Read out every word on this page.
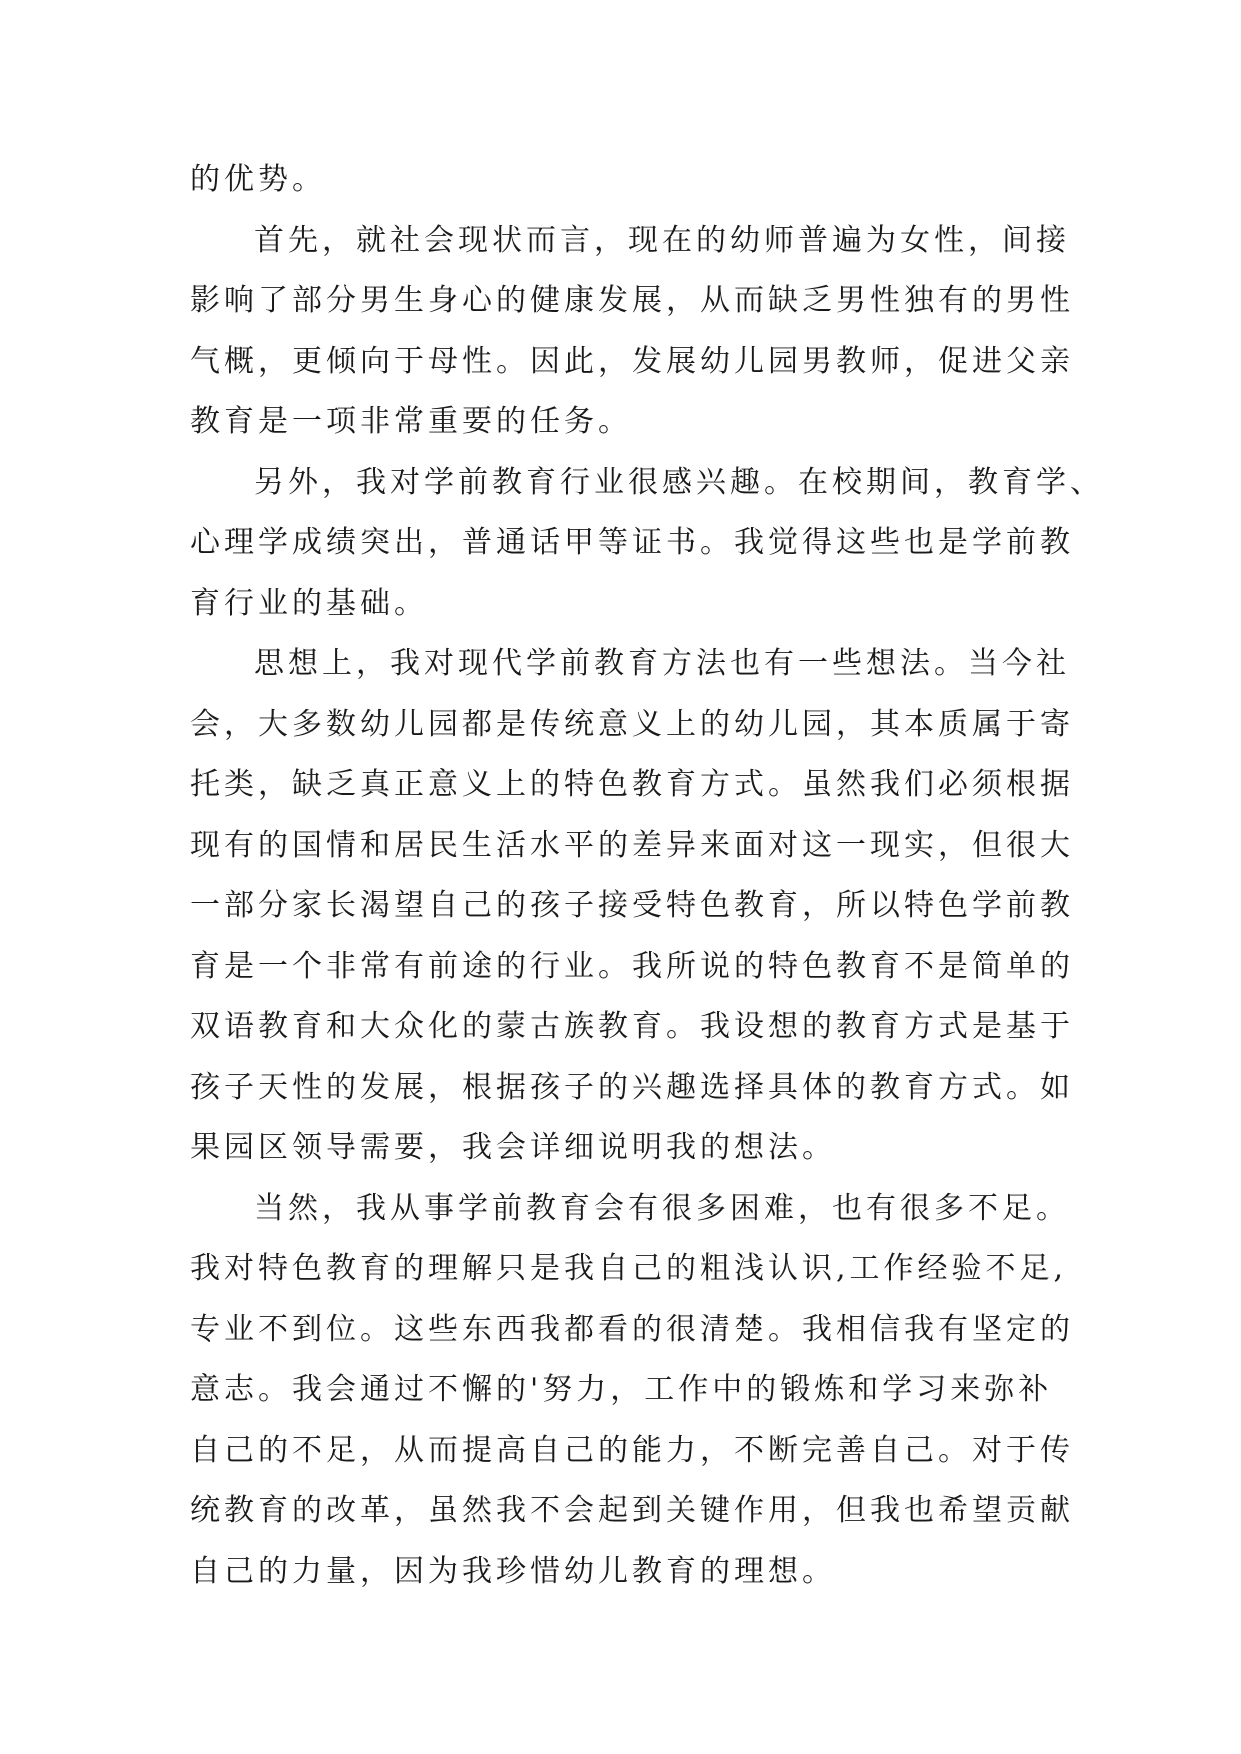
的优势。
首先，就社会现状而言，现在的幼师普遍为女性，间接
影响了部分男生身心的健康发展，从而缺乏男性独有的男性
气概，更倾向于母性。因此，发展幼儿园男教师，促进父亲
教育是一项非常重要的任务。
另外，我对学前教育行业很感兴趣。在校期间，教育学、
心理学成绩突出，普通话甲等证书。我觉得这些也是学前教
育行业的基础。
思想上，我对现代学前教育方法也有一些想法。当今社
会，大多数幼儿园都是传统意义上的幼儿园，其本质属于寄
托类，缺乏真正意义上的特色教育方式。虽然我们必须根据
现有的国情和居民生活水平的差异来面对这一现实，但很大
一部分家长渴望自己的孩子接受特色教育，所以特色学前教
育是一个非常有前途的行业。我所说的特色教育不是简单的
双语教育和大众化的蒙古族教育。我设想的教育方式是基于
孩子天性的发展，根据孩子的兴趣选择具体的教育方式。如
果园区领导需要，我会详细说明我的想法。
当然，我从事学前教育会有很多困难，也有很多不足。
我对特色教育的理解只是我自己的粗浅认识,工作经验不足,
专业不到位。这些东西我都看的很清楚。我相信我有坚定的
意志。我会通过不懈的'努力，工作中的锻炼和学习来弥补
自己的不足，从而提高自己的能力，不断完善自己。对于传
统教育的改革，虽然我不会起到关键作用，但我也希望贡献
自己的力量，因为我珍惜幼儿教育的理想。
